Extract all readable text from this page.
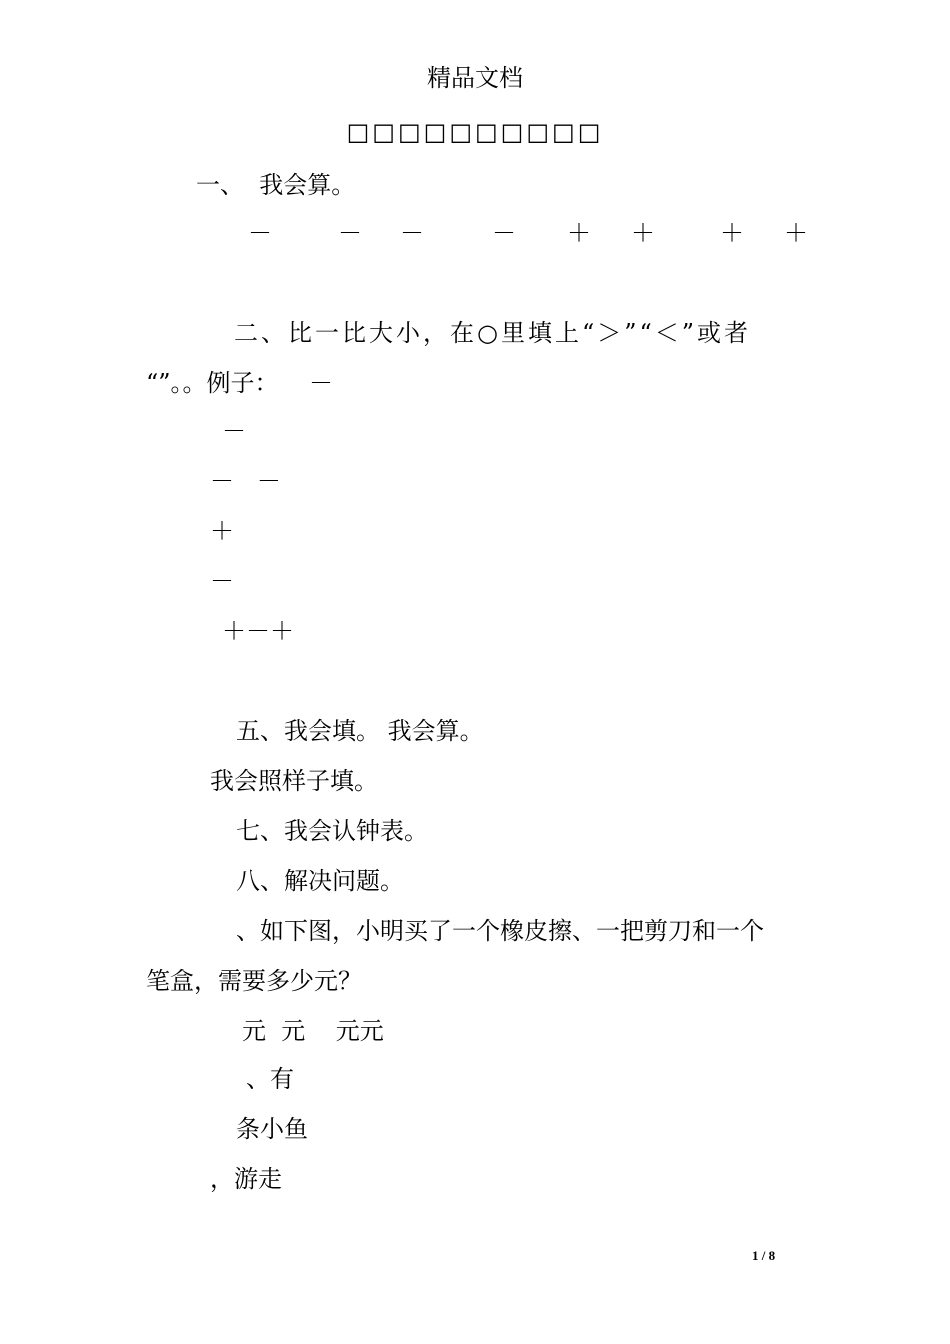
精品文档
□□□□□□□□□□
一、  我会算。
－	－ －	－ ＋ ＋	＋ ＋
二、比一比大小，在○里填上“＞”“＜”或者
“”。。例子：    －
－
－   －
＋
－
＋－＋
五、我会填。 我会算。
我会照样子填。
七、我会认钟表。
八、解决问题。
、如下图，小明买了一个橡皮擦、一把剪刀和一个
笔盒，需要多少元？
元  元    元元
、有
条小鱼
，游走
1 / 8
